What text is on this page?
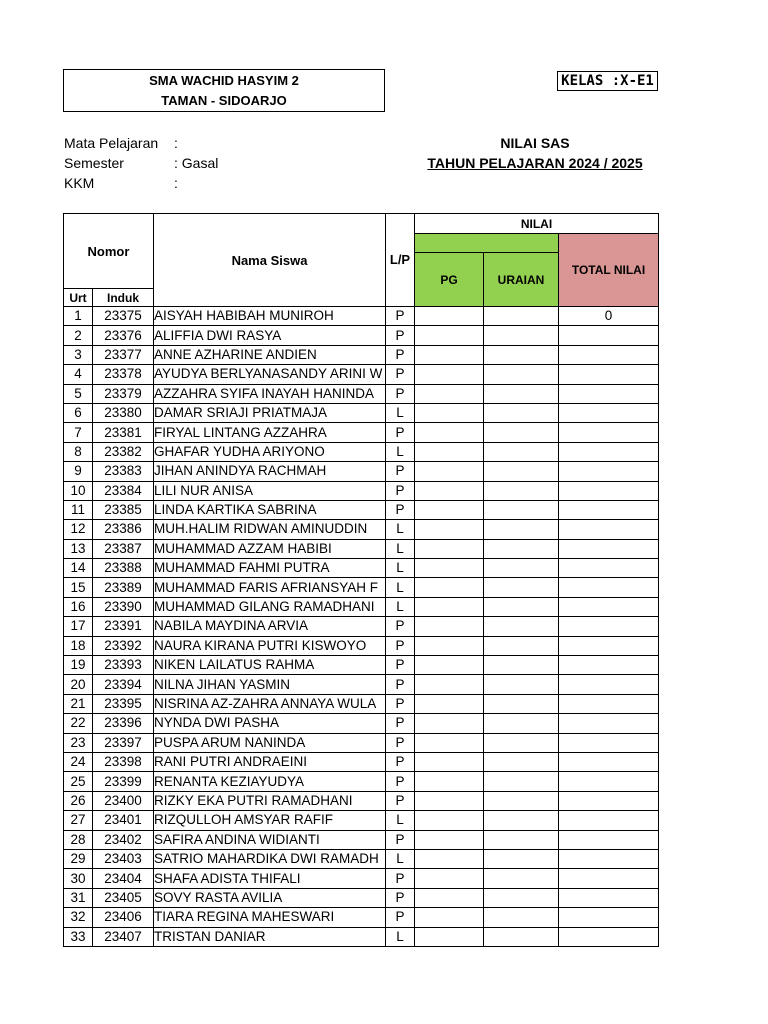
SMA WACHID HASYIM 2
TAMAN - SIDOARJO
KELAS :X-E1
Mata Pelajaran :
Semester	: Gasal
KKM	:
NILAI SAS
TAHUN PELAJARAN 2024 / 2025
Nomor		Nama Siswa	L/P	NILAI		
						TOTAL NILAI
				PG	URAIAN	
Urt	Induk					
1	23375	AISYAH HABIBAH MUNIROH	P			0
2	23376	ALIFFIA DWI RASYA	P			
3	23377	ANNE AZHARINE ANDIEN	P			
4	23378	AYUDYA BERLYANASANDY ARINI W	P			
5	23379	AZZAHRA SYIFA INAYAH HANINDA	P			
6	23380	DAMAR SRIAJI PRIATMAJA	L			
7	23381	FIRYAL LINTANG AZZAHRA	P			
8	23382	GHAFAR YUDHA ARIYONO	L			
9	23383	JIHAN ANINDYA RACHMAH	P			
10	23384	LILI NUR ANISA	P			
11	23385	LINDA KARTIKA SABRINA	P			
12	23386	MUH.HALIM RIDWAN AMINUDDIN	L			
13	23387	MUHAMMAD AZZAM HABIBI	L			
14	23388	MUHAMMAD FAHMI PUTRA	L			
15	23389	MUHAMMAD FARIS AFRIANSYAH F	L			
16	23390	MUHAMMAD GILANG RAMADHANI	L			
17	23391	NABILA MAYDINA ARVIA	P			
18	23392	NAURA KIRANA PUTRI KISWOYO	P			
19	23393	NIKEN LAILATUS RAHMA	P			
20	23394	NILNA JIHAN YASMIN	P			
21	23395	NISRINA AZ-ZAHRA ANNAYA WULA	P			
22	23396	NYNDA DWI PASHA	P			
23	23397	PUSPA ARUM NANINDA	P			
24	23398	RANI PUTRI ANDRAEINI	P			
25	23399	RENANTA KEZIAYUDYA	P			
26	23400	RIZKY EKA PUTRI RAMADHANI	P			
27	23401	RIZQULLOH AMSYAR RAFIF	L			
28	23402	SAFIRA ANDINA WIDIANTI	P			
29	23403	SATRIO MAHARDIKA DWI RAMADH	L			
30	23404	SHAFA ADISTA THIFALI	P			
31	23405	SOVY RASTA AVILIA	P			
32	23406	TIARA REGINA MAHESWARI	P			
33	23407	TRISTAN DANIAR	L			
